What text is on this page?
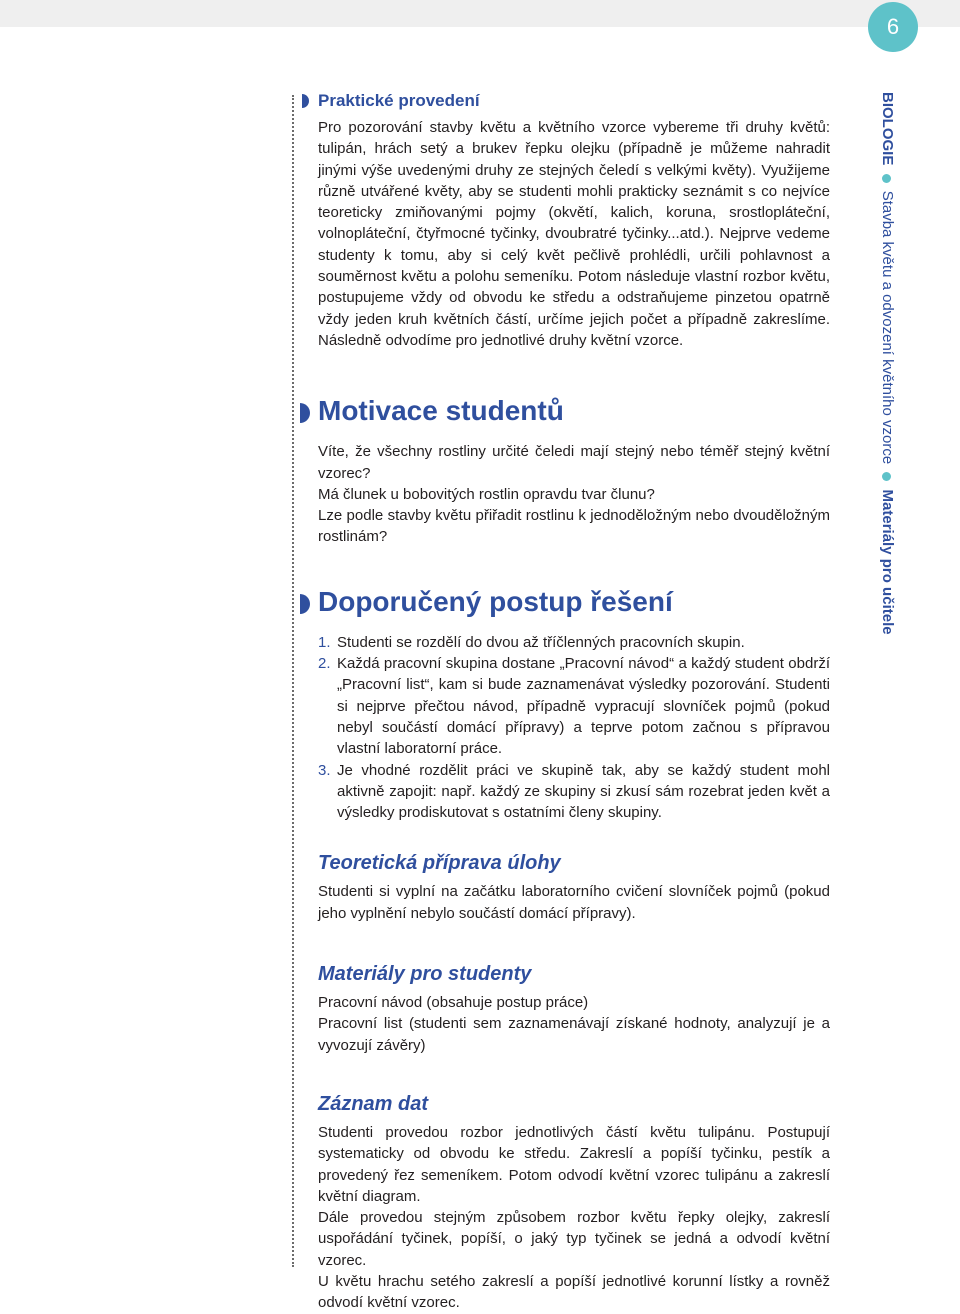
6
Praktické provedení

Pro pozorování stavby květu a květního vzorce vybereme tři druhy květů: tulipán, hrách setý a brukev řepku olejku (případně je můžeme nahradit jinými výše uvedenými druhy ze stejných čeledí s velkými květy). Využijeme různě utvářené květy, aby se studenti mohli prakticky seznámit s co nejvíce teoreticky zmiňovanými pojmy (okvětí, kalich, koruna, srostlopláteční, volnopláteční, čtyřmocné tyčinky, dvoubratré tyčinky...atd.). Nejprve vedeme studenty k tomu, aby si celý květ pečlivě prohlédli, určili pohlavnost a souměrnost květu a polohu semeníku. Potom následuje vlastní rozbor květu, postupujeme vždy od obvodu ke středu a odstraňujeme pinzetou opatrně vždy jeden kruh květních částí, určíme jejich počet a případně zakreslíme. Následně odvodíme pro jednotlivé druhy květní vzorce.

Motivace studentů

Víte, že všechny rostliny určité čeledi mají stejný nebo téměř stejný květní vzorec?

Má člunek u bobovitých rostlin opravdu tvar člunu?

Lze podle stavby květu přiřadit rostlinu k jednoděložným nebo dvouděložným rostlinám?

Doporučený postup řešení
1. Studenti se rozdělí do dvou až tříčlenných pracovních skupin.
2. Každá pracovní skupina dostane „Pracovní návod“ a každý student obdrží „Pracovní list“, kam si bude zaznamenávat výsledky pozorování. Studenti si nejprve přečtou návod, případně vypracují slovníček pojmů (pokud nebyl součástí domácí přípravy) a teprve potom začnou s přípravou vlastní laboratorní práce.
3. Je vhodné rozdělit práci ve skupině tak, aby se každý student mohl aktivně zapojit: např. každý ze skupiny si zkusí sám rozebrat jeden květ a výsledky prodiskutovat s ostatními členy skupiny.
Teoretická příprava úlohy

Studenti si vyplní na začátku laboratorního cvičení slovníček pojmů (pokud jeho vyplnění nebylo součástí domácí přípravy).

Materiály pro studenty

Pracovní návod (obsahuje postup práce)

Pracovní list (studenti sem zaznamenávají získané hodnoty, analyzují je a vyvozují závěry)

Záznam dat

Studenti provedou rozbor jednotlivých částí květu tulipánu. Postupují systematicky od obvodu ke středu. Zakreslí a popíší tyčinku, pestík a provedený řez semeníkem. Potom odvodí květní vzorec tulipánu a zakreslí květní diagram.

Dále provedou stejným způsobem rozbor květu řepky olejky, zakreslí uspořádání tyčinek, popíší, o jaký typ tyčinek se jedná a odvodí květní vzorec.

U květu hrachu setého zakreslí a popíší jednotlivé korunní lístky a rovněž odvodí květní vzorec.

BIOLOGIE  Stavba květu a odvození květního vzorce  Materiály pro učitele
